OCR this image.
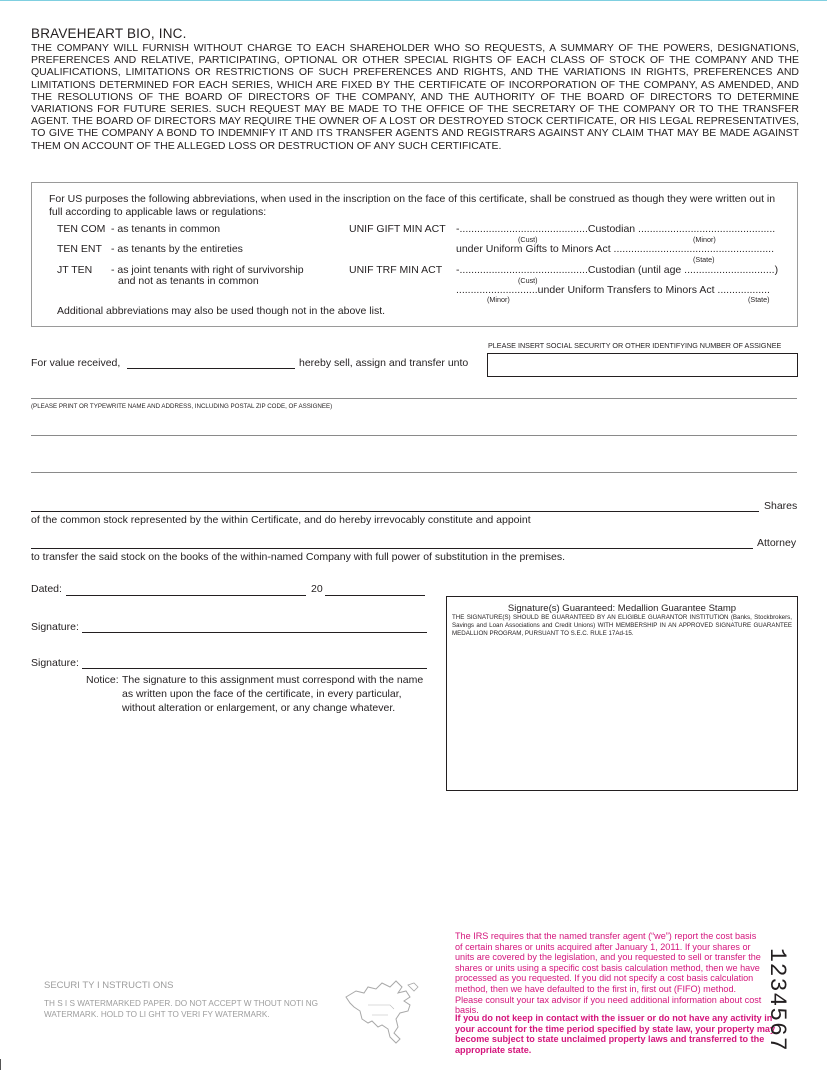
BRAVEHEART BIO, INC.
THE COMPANY WILL FURNISH WITHOUT CHARGE TO EACH SHAREHOLDER WHO SO REQUESTS, A SUMMARY OF THE POWERS, DESIGNATIONS, PREFERENCES AND RELATIVE, PARTICIPATING, OPTIONAL OR OTHER SPECIAL RIGHTS OF EACH CLASS OF STOCK OF THE COMPANY AND THE QUALIFICATIONS, LIMITATIONS OR RESTRICTIONS OF SUCH PREFERENCES AND RIGHTS, AND THE VARIATIONS IN RIGHTS, PREFERENCES AND LIMITATIONS DETERMINED FOR EACH SERIES, WHICH ARE FIXED BY THE CERTIFICATE OF INCORPORATION OF THE COMPANY, AS AMENDED, AND THE RESOLUTIONS OF THE BOARD OF DIRECTORS OF THE COMPANY, AND THE AUTHORITY OF THE BOARD OF DIRECTORS TO DETERMINE VARIATIONS FOR FUTURE SERIES. SUCH REQUEST MAY BE MADE TO THE OFFICE OF THE SECRETARY OF THE COMPANY OR TO THE TRANSFER AGENT. THE BOARD OF DIRECTORS MAY REQUIRE THE OWNER OF A LOST OR DESTROYED STOCK CERTIFICATE, OR HIS LEGAL REPRESENTATIVES, TO GIVE THE COMPANY A BOND TO INDEMNIFY IT AND ITS TRANSFER AGENTS AND REGISTRARS AGAINST ANY CLAIM THAT MAY BE MADE AGAINST THEM ON ACCOUNT OF THE ALLEGED LOSS OR DESTRUCTION OF ANY SUCH CERTIFICATE.
For US purposes the following abbreviations, when used in the inscription on the face of this certificate, shall be construed as though they were written out in full according to applicable laws or regulations:
TEN COM - as tenants in common
TEN ENT - as tenants by the entireties
JT TEN - as joint tenants with right of survivorship
and not as tenants in common
UNIF GIFT MIN ACT -............................................Custodian ...............................................
(Cust)	(Minor)
under Uniform Gifts to Minors Act .......................................................
(State)
UNIF TRF MIN ACT -............................................Custodian (until age ...............................)
(Cust)
............................under Uniform Transfers to Minors Act ..................
(Minor)	(State)
Additional abbreviations may also be used though not in the above list.
PLEASE INSERT SOCIAL SECURITY OR OTHER IDENTIFYING NUMBER OF ASSIGNEE
For value received,	hereby sell, assign and transfer unto
(PLEASE PRINT OR TYPEWRITE NAME AND ADDRESS, INCLUDING POSTAL ZIP CODE, OF ASSIGNEE)
Shares
of the common stock represented by the within Certificate, and do hereby irrevocably constitute and appoint
Attorney
to transfer the said stock on the books of the within-named Company with full power of substitution in the premises.
Dated:	20
Signature:
Signature:
Notice: The signature to this assignment must correspond with the name
as written upon the face of the certificate, in every particular,
without alteration or enlargement, or any change whatever.
Signature(s) Guaranteed: Medallion Guarantee Stamp
THE SIGNATURE(S) SHOULD BE GUARANTEED BY AN ELIGIBLE GUARANTOR INSTITUTION (Banks, Stockbrokers, Savings and Loan Associations and Credit Unions) WITH MEMBERSHIP IN AN APPROVED SIGNATURE GUARANTEE MEDALLION PROGRAM, PURSUANT TO S.E.C. RULE 17Ad-15.
SECURI TY I NSTRUCTI ONS
TH S I S WATERMARKED PAPER. DO NOT ACCEPT W THOUT NOTI NG
WATERMARK. HOLD TO LI GHT TO VERI FY WATERMARK.
The IRS requires that the named transfer agent (“we”) report the cost basis of certain shares or units acquired after January 1, 2011. If your shares or units are covered by the legislation, and you requested to sell or transfer the shares or units using a specific cost basis calculation method, then we have processed as you requested. If you did not specify a cost basis calculation method, then we have defaulted to the first in, first out (FIFO) method. Please consult your tax advisor if you need additional information about cost basis.
If you do not keep in contact with the issuer or do not have any activity in your account for the time period specified by state law, your property may become subject to state unclaimed property laws and transferred to the appropriate state.	1234567
